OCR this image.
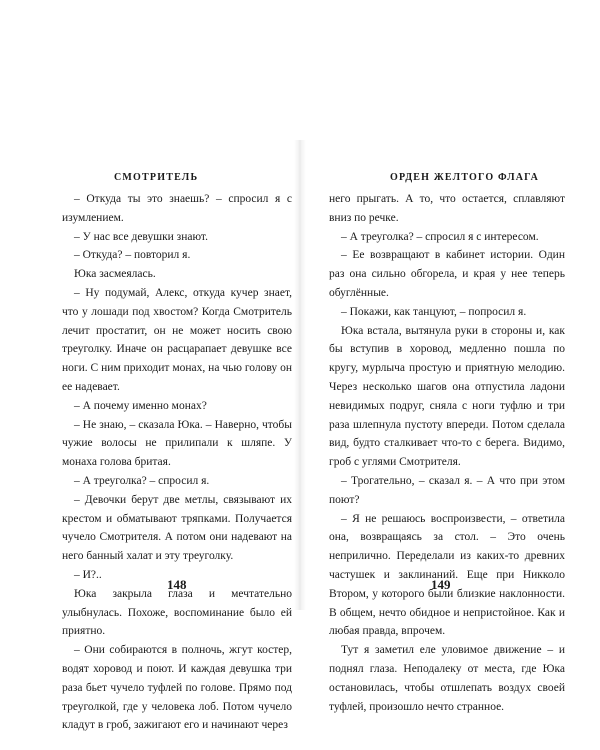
СМОТРИТЕЛЬ

– Откуда ты это знаешь? – спросил я с изумлением.

– У нас все девушки знают.

– Откуда? – повторил я.

Юка засмеялась.

– Ну подумай, Алекс, откуда кучер знает, что у лошади под хвостом? Когда Смотритель лечит простатит, он не может носить свою треуголку. Иначе он расцарапает девушке все ноги. С ним приходит монах, на чью голову он ее надевает.

– А почему именно монах?

– Не знаю, – сказала Юка. – Наверно, чтобы чужие волосы не прилипали к шляпе. У монаха голова бритая.

– А треуголка? – спросил я.

– Девочки берут две метлы, связывают их крестом и обматывают тряпками. Получается чучело Смотрителя. А потом они надевают на него банный халат и эту треуголку.

– И?..

Юка закрыла глаза и мечтательно улыбнулась. Похоже, воспоминание было ей приятно.

– Они собираются в полночь, жгут костер, водят хоровод и поют. И каждая девушка три раза бьет чучело туфлей по голове. Прямо под треуголкой, где у человека лоб. Потом чучело кладут в гроб, зажигают его и начинают через

148
ОРДЕН ЖЕЛТОГО ФЛАГА

него прыгать. А то, что остается, сплавляют вниз по речке.

– А треуголка? – спросил я с интересом.

– Ее возвращают в кабинет истории. Один раз она сильно обгорела, и края у нее теперь обуглённые.

– Покажи, как танцуют, – попросил я.

Юка встала, вытянула руки в стороны и, как бы вступив в хоровод, медленно пошла по кругу, мурлыча простую и приятную мелодию. Через несколько шагов она отпустила ладони невидимых подруг, сняла с ноги туфлю и три раза шлепнула пустоту впереди. Потом сделала вид, будто сталкивает что-то с берега. Видимо, гроб с углями Смотрителя.

– Трогательно, – сказал я. – А что при этом поют?

– Я не решаюсь воспроизвести, – ответила она, возвращаясь за стол. – Это очень неприлично. Переделали из каких-то древних частушек и заклинаний. Еще при Никколо Втором, у которого были близкие наклонности. В общем, нечто обидное и непристойное. Как и любая правда, впрочем.

Тут я заметил еле уловимое движение – и поднял глаза. Неподалеку от места, где Юка остановилась, чтобы отшлепать воздух своей туфлей, произошло нечто странное.

149
